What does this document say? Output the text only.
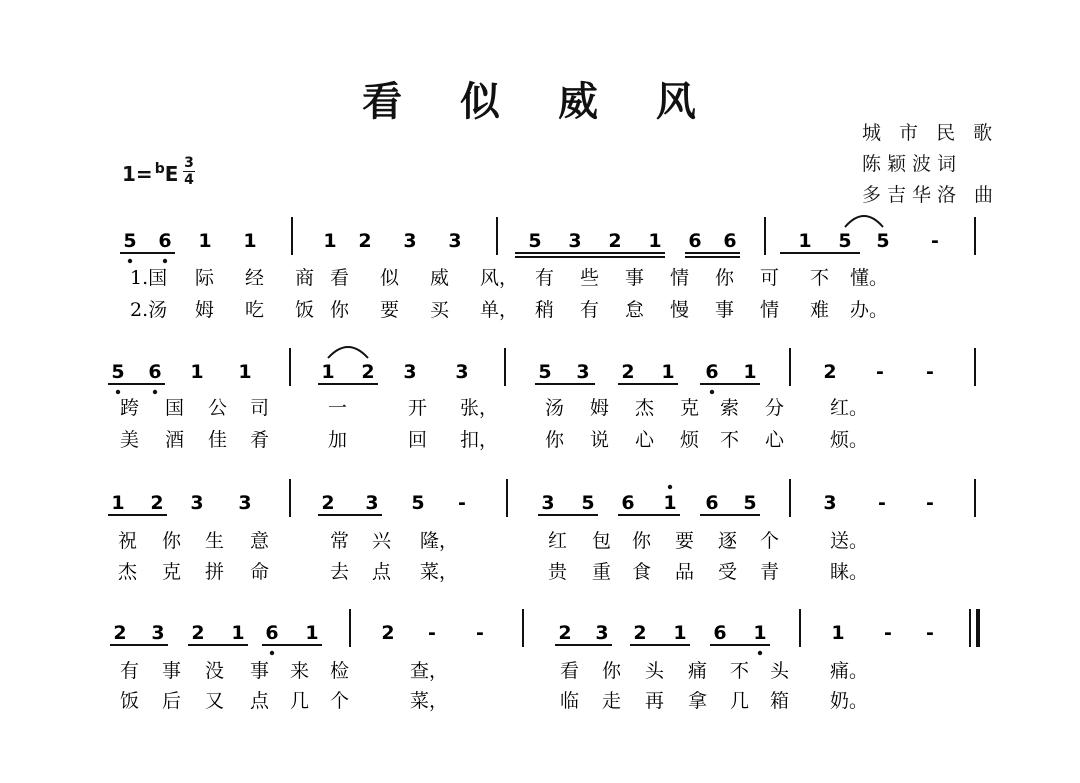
看 似 威 风
城 市 民 歌
陈颖波词
多吉华洛 曲
1= $^b$E 3
4
5 6 1 1	1 2 3 3	5 3 2 1 6 6	1 5 5 -
1.国 际 经 商 看 似 威 风， 有 些 事 情 你 可 不 懂。
2.汤 姆 吃 饭 你 要 买 单， 稍 有 怠 慢 事 情 难 办。
5 6 1 1	1 2 3 3	5 3 2 1 6 1	2 - -
跨 国 公 司	一	开 张， 汤 姆 杰 克 索 分 红。
美 酒 佳 肴	加	回 扣， 你 说 心 烦 不 心 烦。
1 2 3 3	2 3 5 -	3 5 6 1 6 5	3 - -
祝 你 生 意	常 兴 隆，	红 包 你 要 逐 个	送。
杰 克 拼 命	去 点 菜，	贵 重 食 品 受 青	睐。
2 3 2 1 6 1	2 - -	2 3 2 1 6 1	1 - -
有 事 没 事 来 检	查，	看 你 头 痛 不 头 痛。
饭 后 又 点 几 个	菜，	临 走 再 拿 几 箱 奶。
